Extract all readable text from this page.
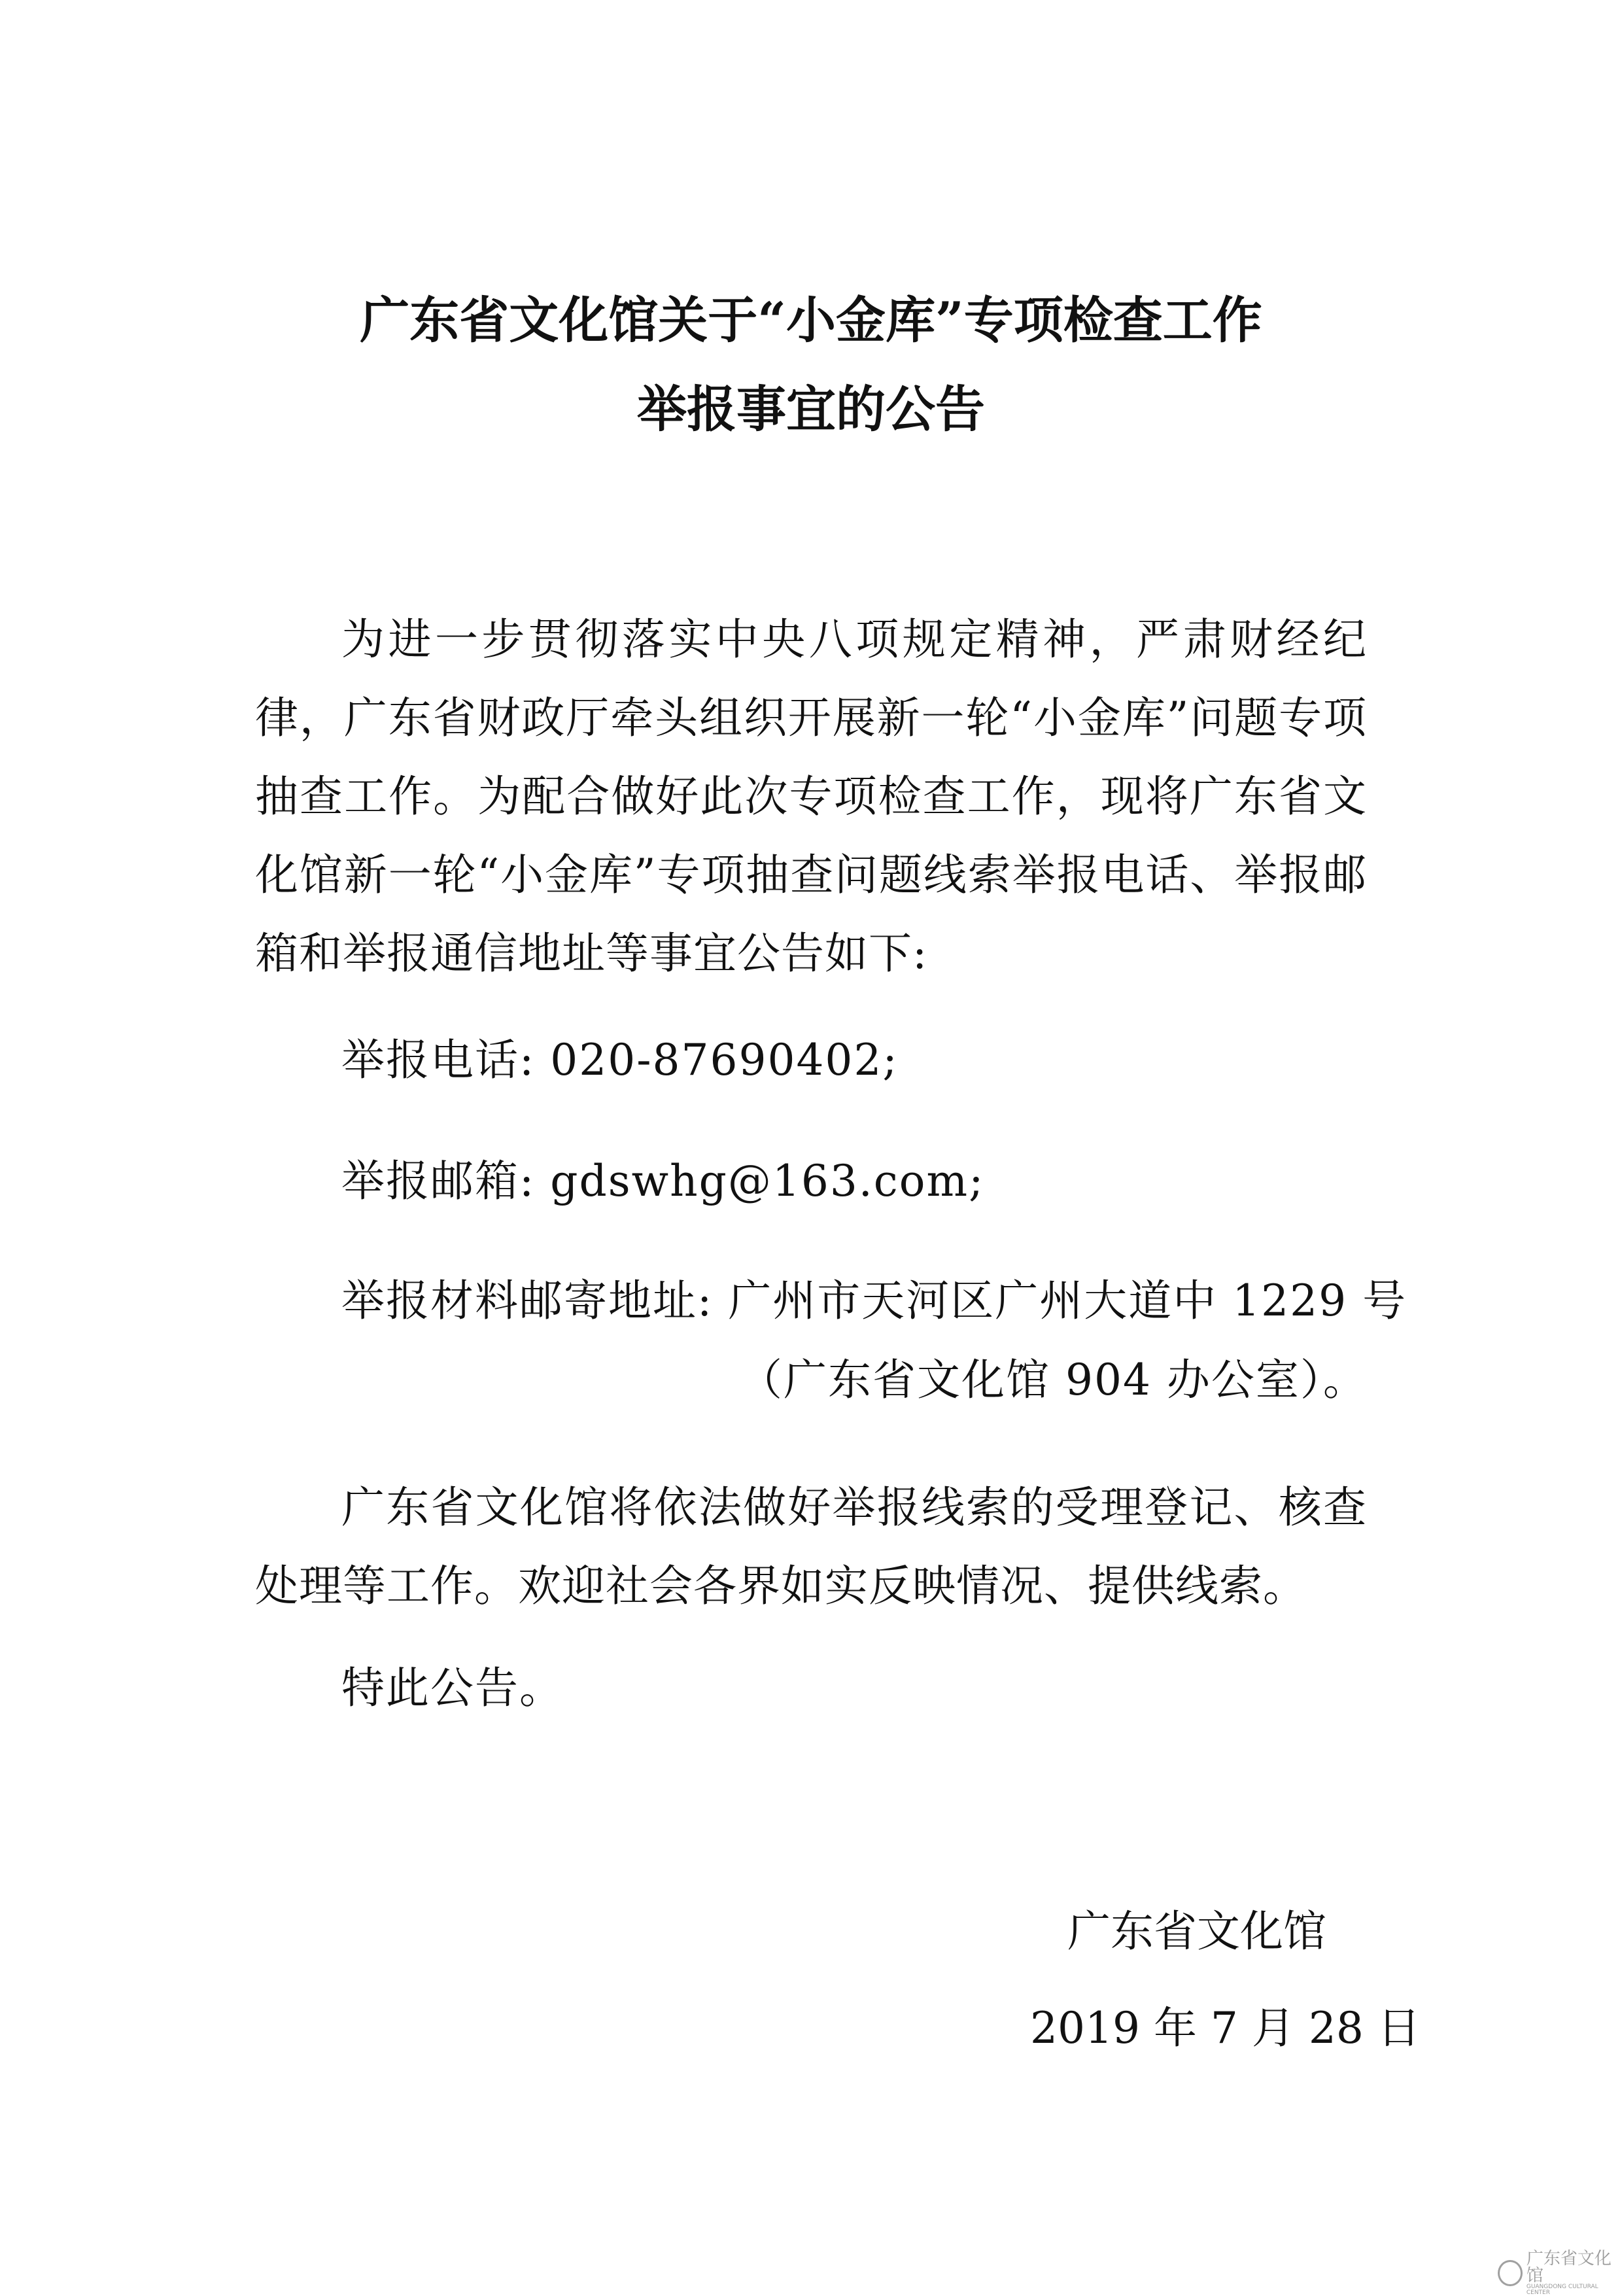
广东省文化馆关于“小金库”专项检查工作
举报事宜的公告
为进一步贯彻落实中央八项规定精神，严肃财经纪律，广东省财政厅牵头组织开展新一轮“小金库”问题专项抽查工作。为配合做好此次专项检查工作，现将广东省文化馆新一轮“小金库”专项抽查问题线索举报电话、举报邮箱和举报通信地址等事宜公告如下:
举报电话: 020-87690402;
举报邮箱: gdswhg@163.com;
举报材料邮寄地址: 广州市天河区广州大道中 1229 号
（广东省文化馆 904 办公室）。
广东省文化馆将依法做好举报线索的受理登记、核查处理等工作。欢迎社会各界如实反映情况、提供线索。
特此公告。
广东省文化馆
2019 年 7 月 28 日
广东省文化馆
GUANGDONG CULTURAL CENTER
